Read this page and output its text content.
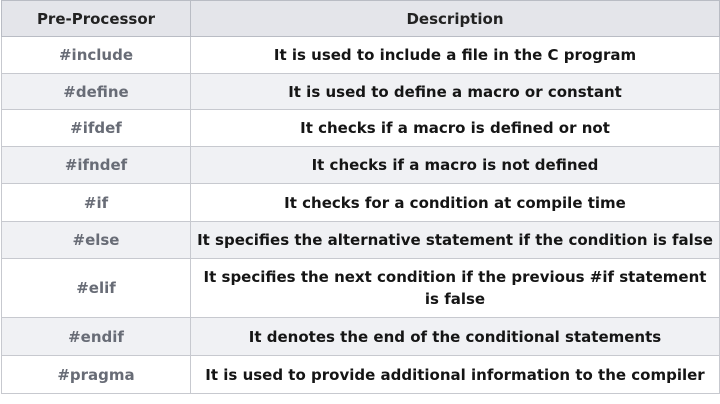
Pre-Processor	Description
#include	It is used to include a file in the C program
#define	It is used to define a macro or constant
#ifdef	It checks if a macro is defined or not
#ifndef	It checks if a macro is not defined
#if	It checks for a condition at compile time
#else	It specifies the alternative statement if the condition is false
#elif	It specifies the next condition if the previous #if statement is false
#endif	It denotes the end of the conditional statements
#pragma	It is used to provide additional information to the compiler
